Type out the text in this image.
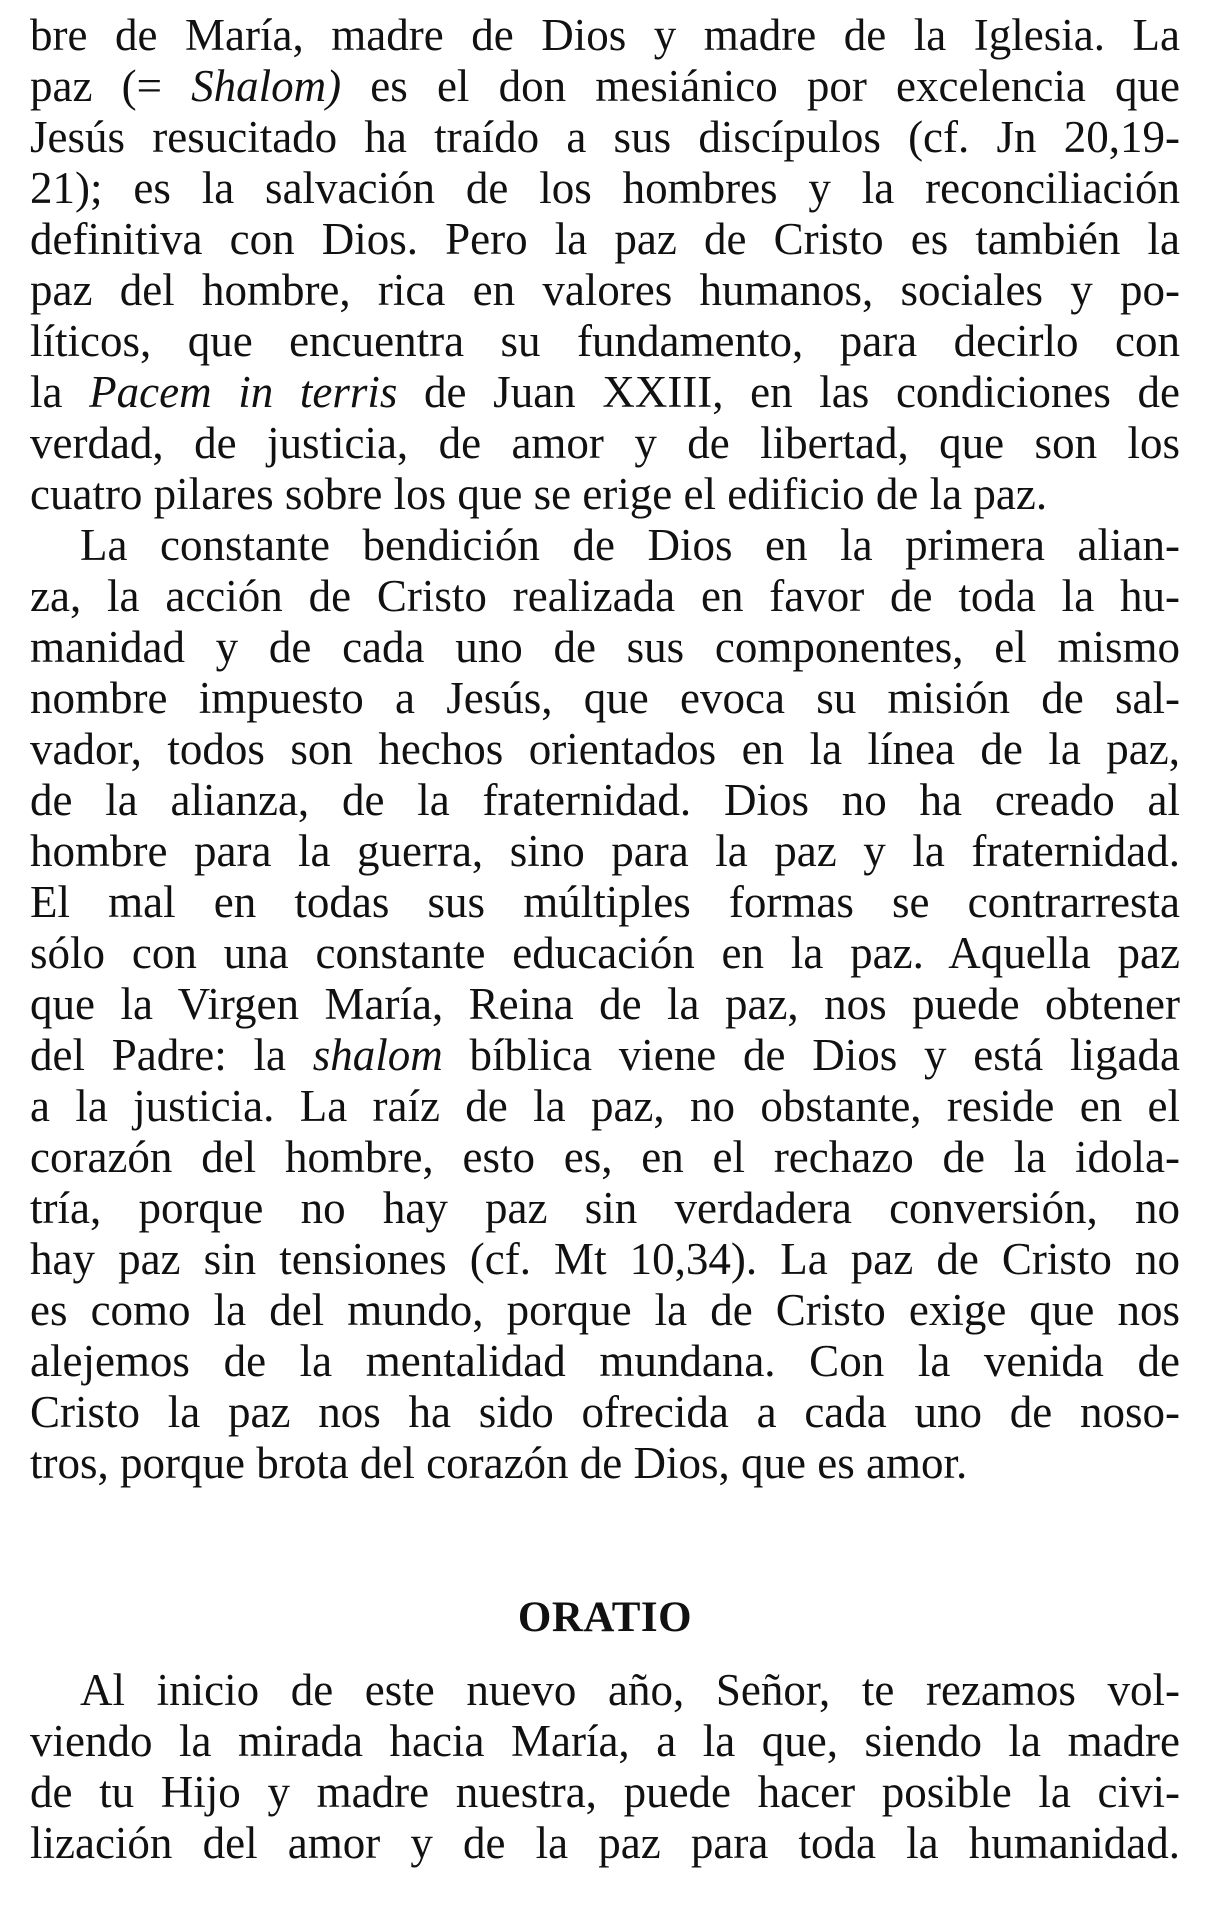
bre de María, madre de Dios y madre de la Iglesia. La
paz (= Shalom) es el don mesiánico por excelencia que
Jesús resucitado ha traído a sus discípulos (cf. Jn 20,19-
21); es la salvación de los hombres y la reconciliación
definitiva con Dios. Pero la paz de Cristo es también la
paz del hombre, rica en valores humanos, sociales y po-
líticos, que encuentra su fundamento, para decirlo con
la Pacem in terris de Juan XXIII, en las condiciones de
verdad, de justicia, de amor y de libertad, que son los
cuatro pilares sobre los que se erige el edificio de la paz.
La constante bendición de Dios en la primera alian-
za, la acción de Cristo realizada en favor de toda la hu-
manidad y de cada uno de sus componentes, el mismo
nombre impuesto a Jesús, que evoca su misión de sal-
vador, todos son hechos orientados en la línea de la paz,
de la alianza, de la fraternidad. Dios no ha creado al
hombre para la guerra, sino para la paz y la fraternidad.
El mal en todas sus múltiples formas se contrarresta
sólo con una constante educación en la paz. Aquella paz
que la Virgen María, Reina de la paz, nos puede obtener
del Padre: la shalom bíblica viene de Dios y está ligada
a la justicia. La raíz de la paz, no obstante, reside en el
corazón del hombre, esto es, en el rechazo de la idola-
tría, porque no hay paz sin verdadera conversión, no
hay paz sin tensiones (cf. Mt 10,34). La paz de Cristo no
es como la del mundo, porque la de Cristo exige que nos
alejemos de la mentalidad mundana. Con la venida de
Cristo la paz nos ha sido ofrecida a cada uno de noso-
tros, porque brota del corazón de Dios, que es amor.
ORATIO
Al inicio de este nuevo año, Señor, te rezamos vol-
viendo la mirada hacia María, a la que, siendo la madre
de tu Hijo y madre nuestra, puede hacer posible la civi-
lización del amor y de la paz para toda la humanidad.
